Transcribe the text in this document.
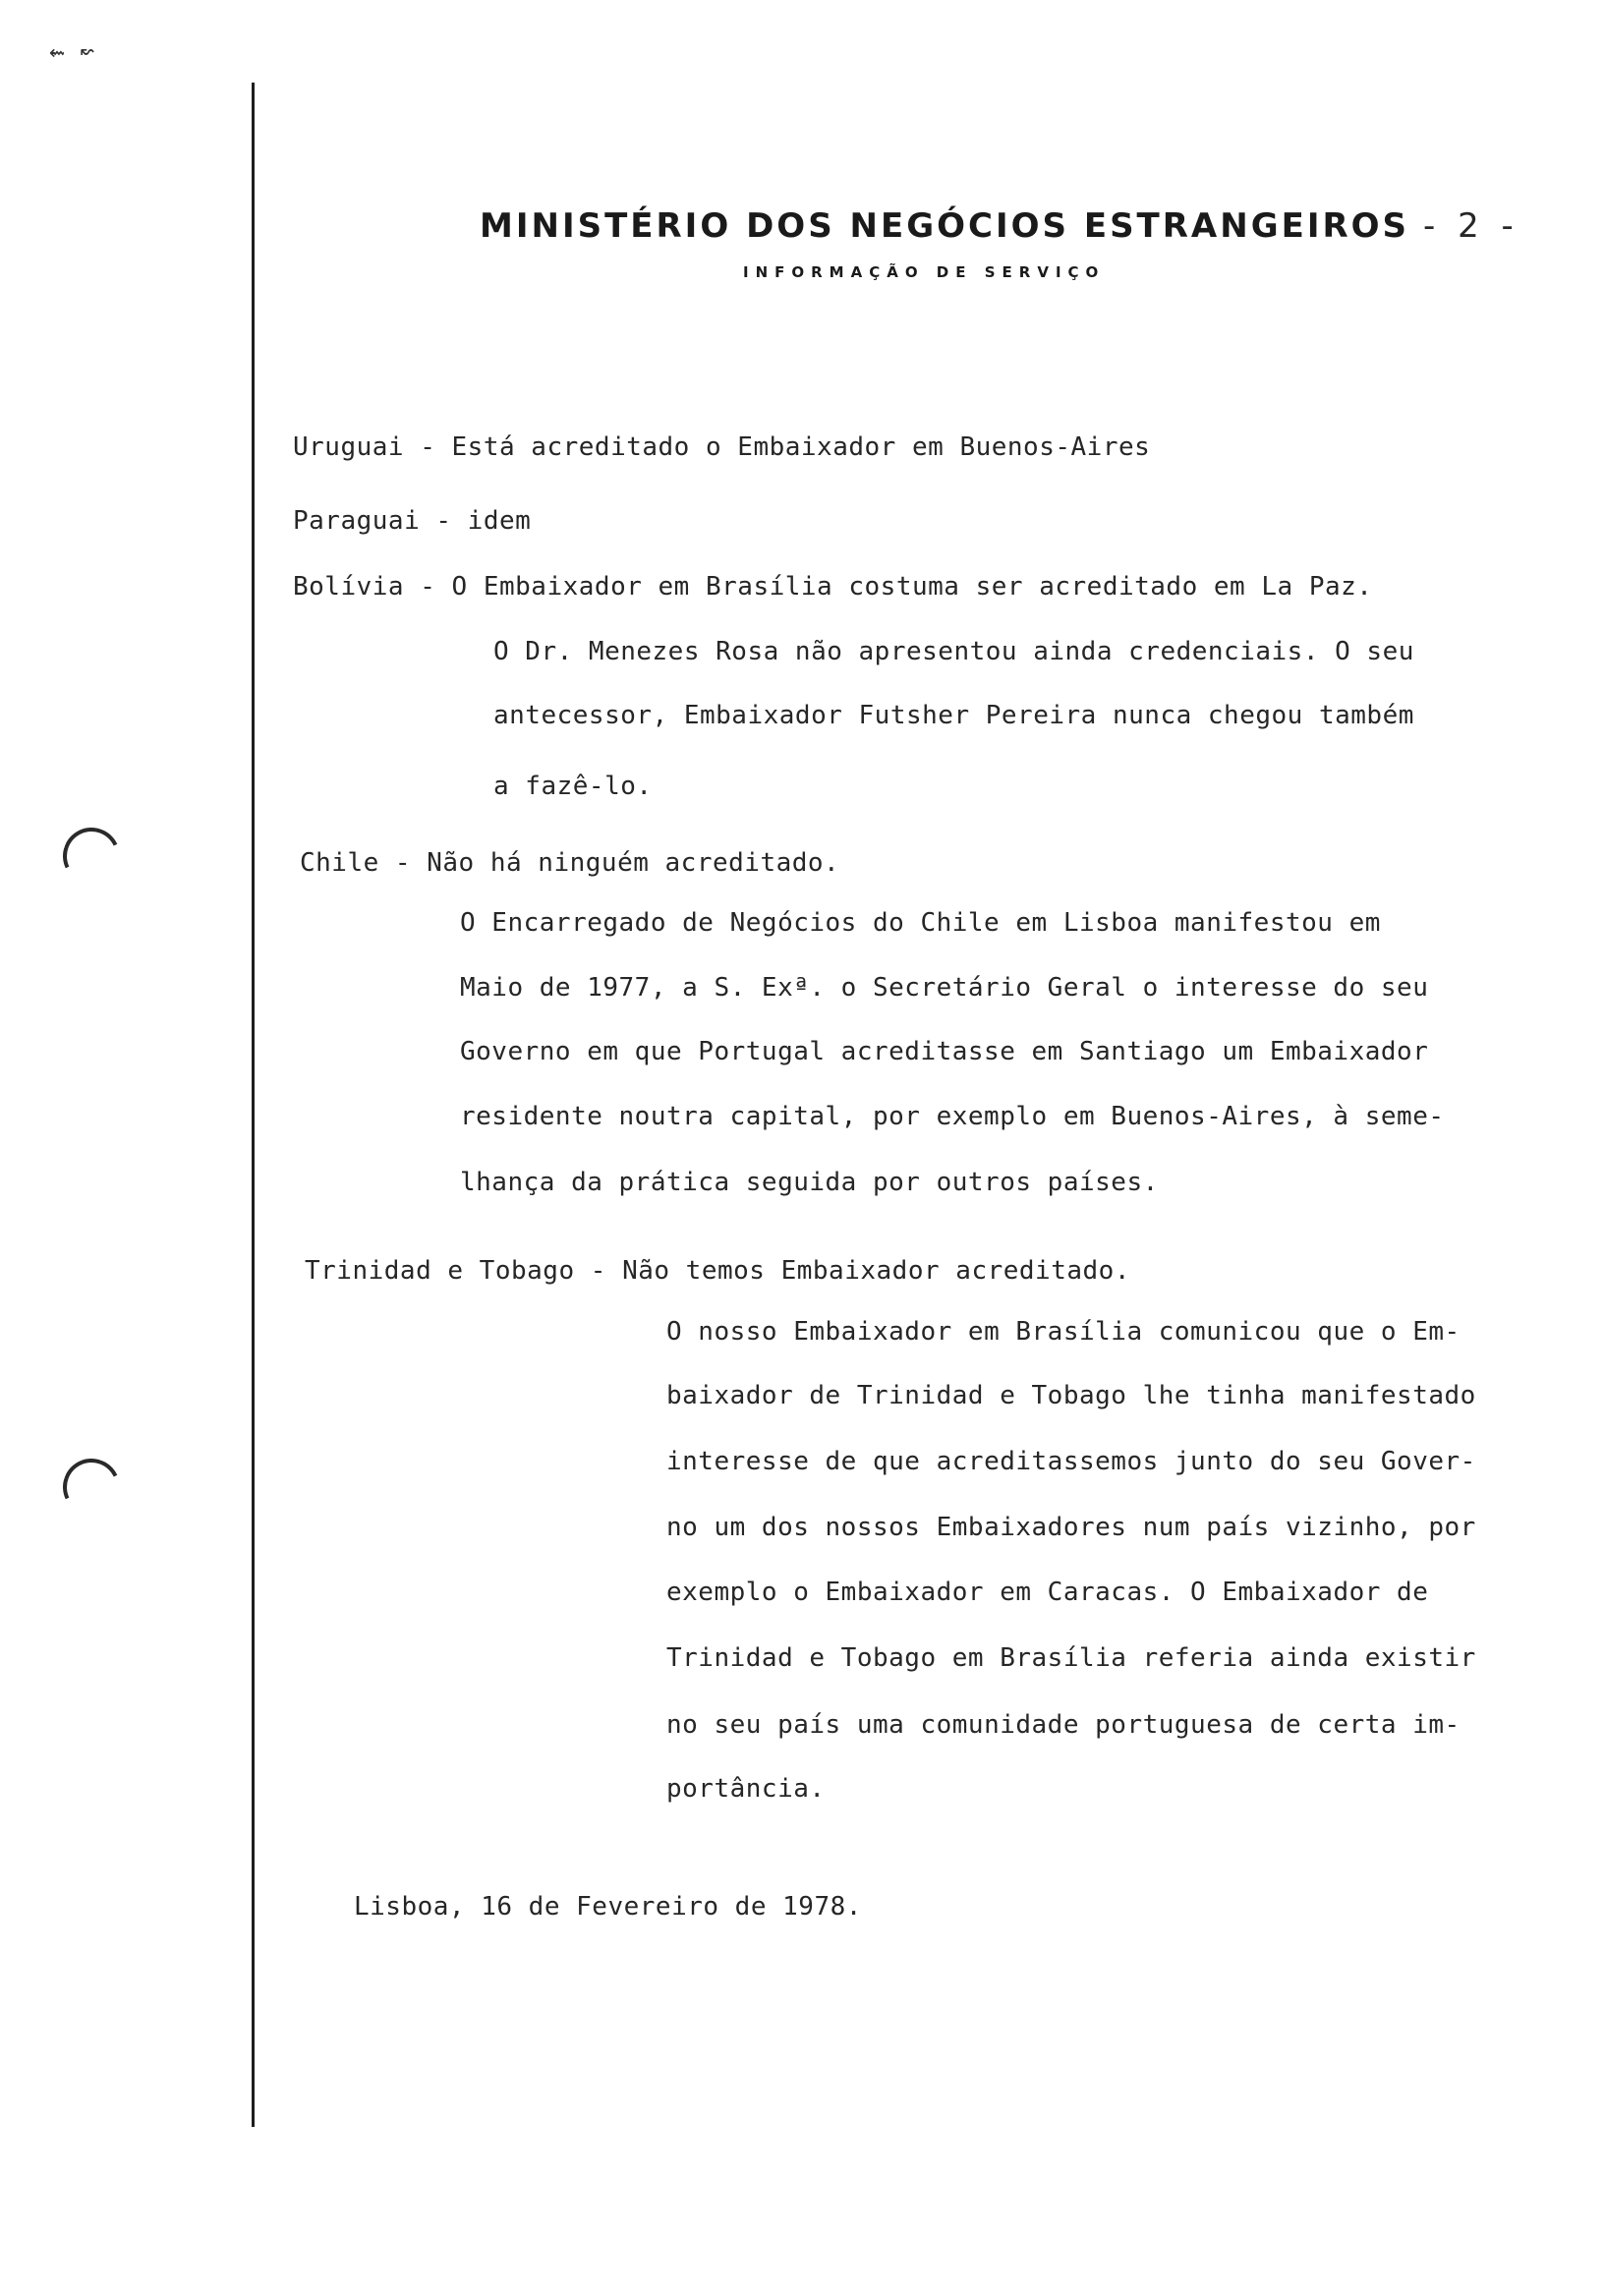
⇜ ↜
MINISTÉRIO DOS NEGÓCIOS ESTRANGEIROS - 2 -
INFORMAÇÃO DE SERVIÇO
Uruguai - Está acreditado o Embaixador em Buenos-Aires
Paraguai - idem
Bolívia - O Embaixador em Brasília costuma ser acreditado em La Paz.
O Dr. Menezes Rosa não apresentou ainda credenciais. O seu
antecessor, Embaixador Futsher Pereira nunca chegou também
a fazê-lo.
Chile - Não há ninguém acreditado.
O Encarregado de Negócios do Chile em Lisboa manifestou em
Maio de 1977, a S. Exª. o Secretário Geral o interesse do seu
Governo em que Portugal acreditasse em Santiago um Embaixador
residente noutra capital, por exemplo em Buenos-Aires, à seme-
lhança da prática seguida por outros países.
Trinidad e Tobago - Não temos Embaixador acreditado.
O nosso Embaixador em Brasília comunicou que o Em-
baixador de Trinidad e Tobago lhe tinha manifestado
interesse de que acreditassemos junto do seu Gover-
no um dos nossos Embaixadores num país vizinho, por
exemplo o Embaixador em Caracas. O Embaixador de
Trinidad e Tobago em Brasília referia ainda existir
no seu país uma comunidade portuguesa de certa im-
portância.
Lisboa, 16 de Fevereiro de 1978.
